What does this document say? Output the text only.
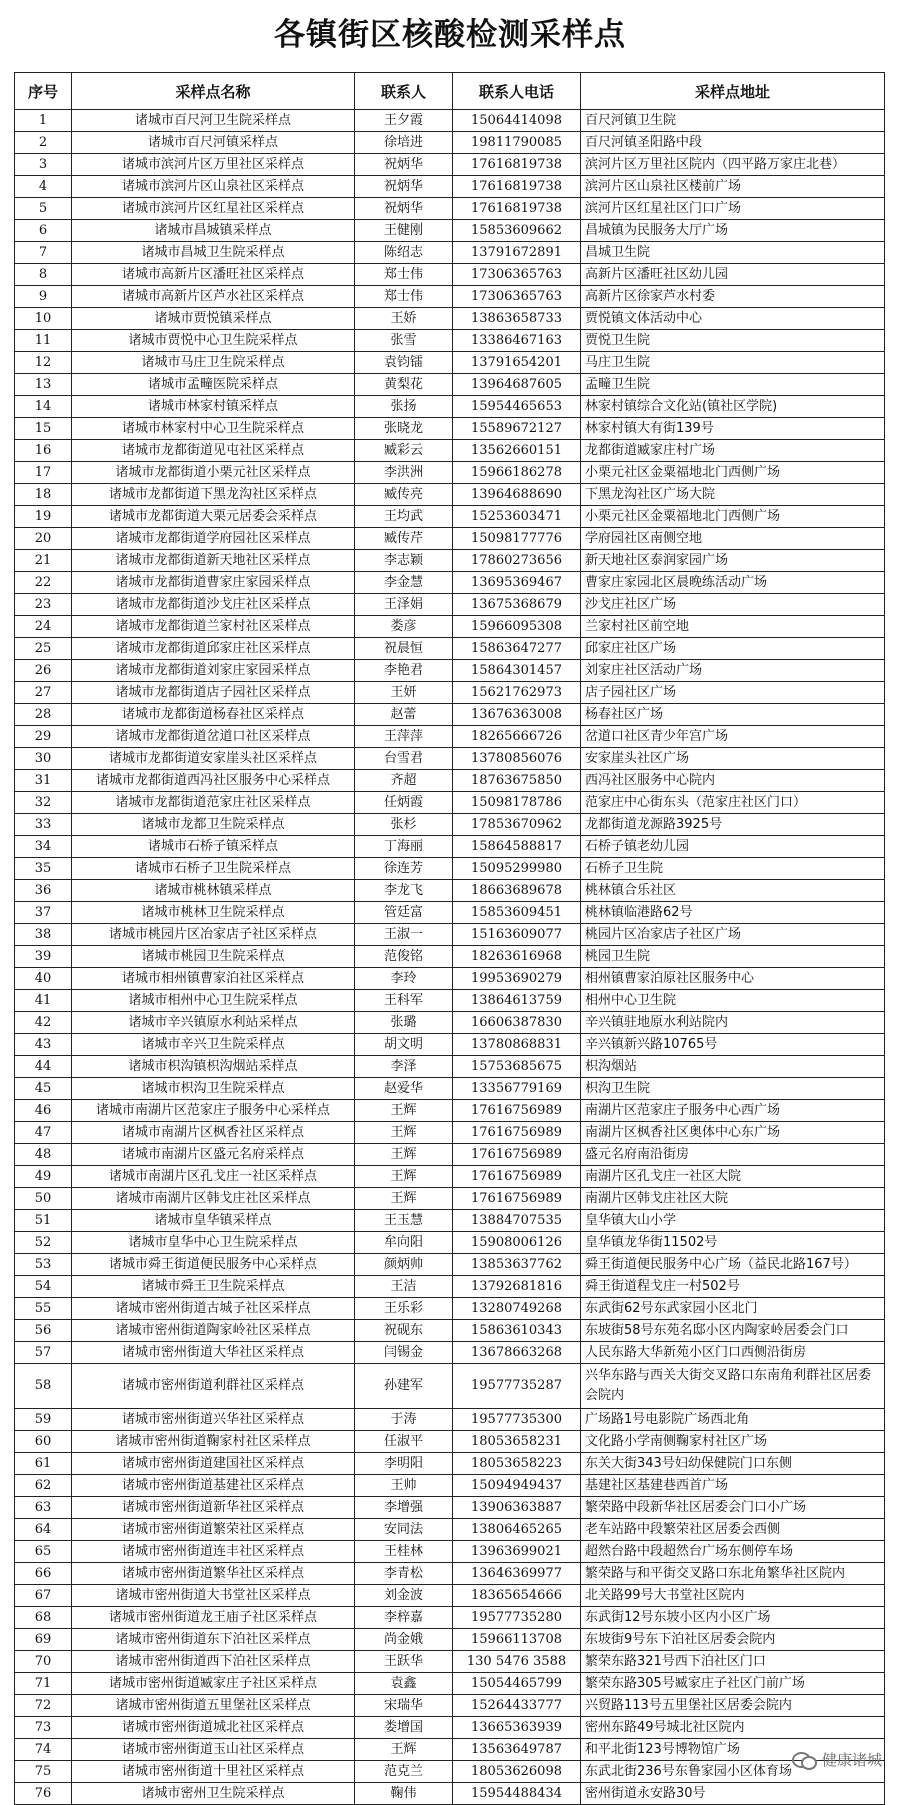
各镇街区核酸检测采样点
序号	采样点名称	联系人	联系人电话	采样点地址
1	诸城市百尺河卫生院采样点	王夕霞	15064414098	百尺河镇卫生院
2	诸城市百尺河镇采样点	徐培进	19811790085	百尺河镇圣阳路中段
3	诸城市滨河片区万里社区采样点	祝炳华	17616819738	滨河片区万里社区院内（四平路万家庄北巷）
4	诸城市滨河片区山泉社区采样点	祝炳华	17616819738	滨河片区山泉社区楼前广场
5	诸城市滨河片区红星社区采样点	祝炳华	17616819738	滨河片区红星社区门口广场
6	诸城市昌城镇采样点	王健刚	15853609662	昌城镇为民服务大厅广场
7	诸城市昌城卫生院采样点	陈绍志	13791672891	昌城卫生院
8	诸城市高新片区潘旺社区采样点	郑士伟	17306365763	高新片区潘旺社区幼儿园
9	诸城市高新片区芦水社区采样点	郑士伟	17306365763	高新片区徐家芦水村委
10	诸城市贾悦镇采样点	王娇	13863658733	贾悦镇文体活动中心
11	诸城市贾悦中心卫生院采样点	张雪	13386467163	贾悦卫生院
12	诸城市马庄卫生院采样点	袁钧镭	13791654201	马庄卫生院
13	诸城市孟疃医院采样点	黄梨花	13964687605	孟疃卫生院
14	诸城市林家村镇采样点	张扬	15954465653	林家村镇综合文化站(镇社区学院)
15	诸城市林家村中心卫生院采样点	张晓龙	15589672127	林家村镇大有街139号
16	诸城市龙都街道见屯社区采样点	臧彩云	13562660151	龙都街道臧家庄村广场
17	诸城市龙都街道小栗元社区采样点	李洪洲	15966186278	小栗元社区金粟福地北门西侧广场
18	诸城市龙都街道下黑龙沟社区采样点	臧传亮	13964688690	下黑龙沟社区广场大院
19	诸城市龙都街道大栗元居委会采样点	王均武	15253603471	小栗元社区金粟福地北门西侧广场
20	诸城市龙都街道学府园社区采样点	臧传芹	15098177776	学府园社区南侧空地
21	诸城市龙都街道新天地社区采样点	李志颖	17860273656	新天地社区泰润家园广场
22	诸城市龙都街道曹家庄家园采样点	李金慧	13695369467	曹家庄家园北区晨晚练活动广场
23	诸城市龙都街道沙戈庄社区采样点	王泽娟	13675368679	沙戈庄社区广场
24	诸城市龙都街道兰家村社区采样点	娄彦	15966095308	兰家村社区前空地
25	诸城市龙都街道邱家庄社区采样点	祝晨恒	15863647277	邱家庄社区广场
26	诸城市龙都街道刘家庄家园采样点	李艳君	15864301457	刘家庄社区活动广场
27	诸城市龙都街道店子园社区采样点	王妍	15621762973	店子园社区广场
28	诸城市龙都街道杨春社区采样点	赵蕾	13676363008	杨春社区广场
29	诸城市龙都街道岔道口社区采样点	王萍萍	18265666726	岔道口社区青少年宫广场
30	诸城市龙都街道安家崖头社区采样点	台雪君	13780856076	安家崖头社区广场
31	诸城市龙都街道西冯社区服务中心采样点	齐超	18763675850	西冯社区服务中心院内
32	诸城市龙都街道范家庄社区采样点	任炳霞	15098178786	范家庄中心街东头（范家庄社区门口）
33	诸城市龙都卫生院采样点	张杉	17853670962	龙都街道龙源路3925号
34	诸城市石桥子镇采样点	丁海丽	15864588817	石桥子镇老幼儿园
35	诸城市石桥子卫生院采样点	徐连芳	15095299980	石桥子卫生院
36	诸城市桃林镇采样点	李龙飞	18663689678	桃林镇合乐社区
37	诸城市桃林卫生院采样点	管廷富	15853609451	桃林镇临港路62号
38	诸城市桃园片区冶家店子社区采样点	王淑一	15163609077	桃园片区冶家店子社区广场
39	诸城市桃园卫生院采样点	范俊铭	18263616968	桃园卫生院
40	诸城市相州镇曹家泊社区采样点	李玲	19953690279	相州镇曹家泊原社区服务中心
41	诸城市相州中心卫生院采样点	王科军	13864613759	相州中心卫生院
42	诸城市辛兴镇原水利站采样点	张璐	16606387830	辛兴镇驻地原水利站院内
43	诸城市辛兴卫生院采样点	胡文明	13780868831	辛兴镇新兴路10765号
44	诸城市枳沟镇枳沟烟站采样点	李泽	15753685675	枳沟烟站
45	诸城市枳沟卫生院采样点	赵爱华	13356779169	枳沟卫生院
46	诸城市南湖片区范家庄子服务中心采样点	王辉	17616756989	南湖片区范家庄子服务中心西广场
47	诸城市南湖片区枫香社区采样点	王辉	17616756989	南湖片区枫香社区奥体中心东广场
48	诸城市南湖片区盛元名府采样点	王辉	17616756989	盛元名府南沿街房
49	诸城市南湖片区孔戈庄一社区采样点	王辉	17616756989	南湖片区孔戈庄一社区大院
50	诸城市南湖片区韩戈庄社区采样点	王辉	17616756989	南湖片区韩戈庄社区大院
51	诸城市皇华镇采样点	王玉慧	13884707535	皇华镇大山小学
52	诸城市皇华中心卫生院采样点	牟向阳	15908006126	皇华镇龙华街11502号
53	诸城市舜王街道便民服务中心采样点	颜炳帅	13853637762	舜王街道便民服务中心广场（益民北路167号）
54	诸城市舜王卫生院采样点	王洁	13792681816	舜王街道程戈庄一村502号
55	诸城市密州街道古城子社区采样点	王乐彩	13280749268	东武街62号东武家园小区北门
56	诸城市密州街道陶家岭社区采样点	祝砚东	15863610343	东坡街58号东苑名邸小区内陶家岭居委会门口
57	诸城市密州街道大华社区采样点	闫锡金	13678663268	人民东路大华新苑小区门口西侧沿街房
58	诸城市密州街道利群社区采样点	孙建军	19577735287	兴华东路与西关大街交叉路口东南角利群社区居委会院内
59	诸城市密州街道兴华社区采样点	于涛	19577735300	广场路1号电影院广场西北角
60	诸城市密州街道鞠家村社区采样点	任淑平	18053658231	文化路小学南侧鞠家村社区广场
61	诸城市密州街道建国社区采样点	李明阳	18053658223	东关大街343号妇幼保健院门口东侧
62	诸城市密州街道基建社区采样点	王帅	15094949437	基建社区基建巷西首广场
63	诸城市密州街道新华社区采样点	李增强	13906363887	繁荣路中段新华社区居委会门口小广场
64	诸城市密州街道繁荣社区采样点	安同法	13806465265	老车站路中段繁荣社区居委会西侧
65	诸城市密州街道连丰社区采样点	王桂林	13963699021	超然台路中段超然台广场东侧停车场
66	诸城市密州街道繁华社区采样点	李青松	13646369977	繁荣路与和平街交叉路口东北角繁华社区院内
67	诸城市密州街道大书堂社区采样点	刘金波	18365654666	北关路99号大书堂社区院内
68	诸城市密州街道龙王庙子社区采样点	李梓嘉	19577735280	东武街12号东坡小区内小区广场
69	诸城市密州街道东下泊社区采样点	尚金娥	15966113708	东坡街9号东下泊社区居委会院内
70	诸城市密州街道西下泊社区采样点	王跃华	130 5476 3588	繁荣东路321号西下泊社区门口
71	诸城市密州街道臧家庄子社区采样点	袁鑫	15054465799	繁荣东路305号臧家庄子社区门前广场
72	诸城市密州街道五里堡社区采样点	宋瑞华	15264433777	兴贸路113号五里堡社区居委会院内
73	诸城市密州街道城北社区采样点	娄增国	13665363939	密州东路49号城北社区院内
74	诸城市密州街道玉山社区采样点	王辉	13563649787	和平北街123号博物馆广场
75	诸城市密州街道十里社区采样点	范克兰	18053626098	东武北街236号东鲁家园小区体育场
76	诸城市密州卫生院采样点	鞠伟	15954488434	密州街道永安路30号
健康诸城
